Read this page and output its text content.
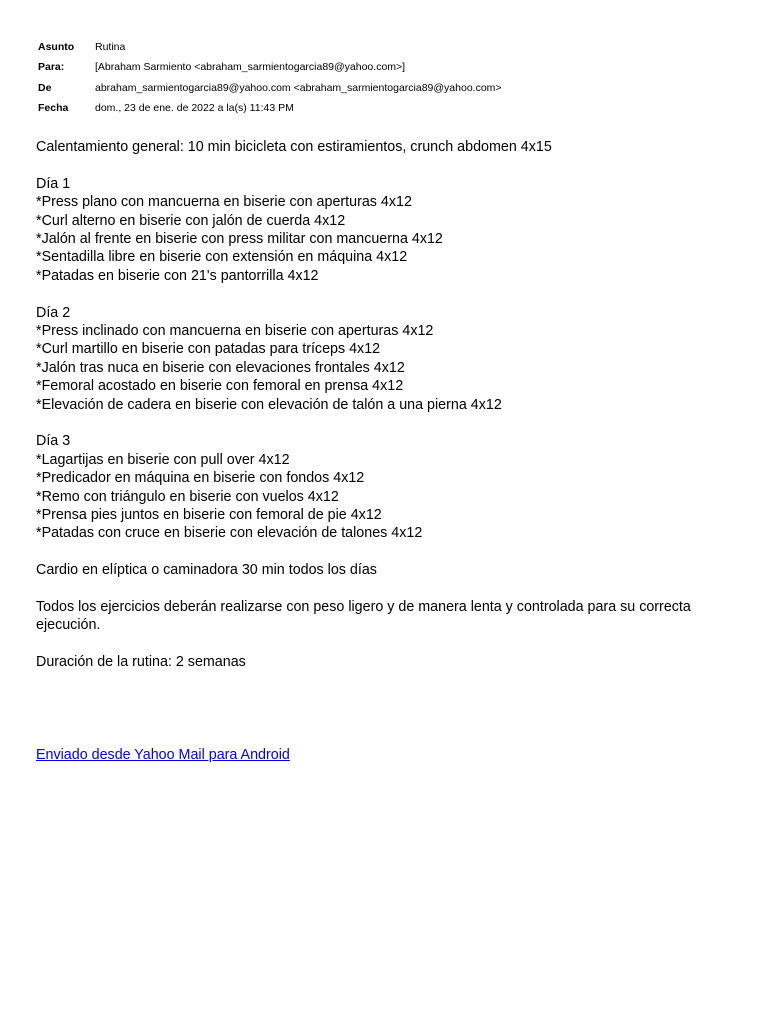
Asunto	Rutina
Para:	[Abraham Sarmiento <abraham_sarmientogarcia89@yahoo.com>]
De	abraham_sarmientogarcia89@yahoo.com <abraham_sarmientogarcia89@yahoo.com>
Fecha	dom., 23 de ene. de 2022 a la(s) 11:43 PM

Calentamiento general: 10 min bicicleta con estiramientos, crunch abdomen 4x15

Día 1

*Press plano con mancuerna en biserie con aperturas 4x12

*Curl alterno en biserie con jalón de cuerda 4x12

*Jalón al frente en biserie con press militar con mancuerna 4x12

*Sentadilla libre en biserie con extensión en máquina 4x12

*Patadas en biserie con 21's pantorrilla 4x12

Día 2

*Press inclinado con mancuerna en biserie con aperturas 4x12

*Curl martillo en biserie con patadas para tríceps 4x12

*Jalón tras nuca en biserie con elevaciones frontales 4x12

*Femoral acostado en biserie con femoral en prensa 4x12

*Elevación de cadera en biserie con elevación de talón a una pierna 4x12

Día 3

*Lagartijas en biserie con pull over 4x12

*Predicador en máquina en biserie con fondos 4x12

*Remo con triángulo en biserie con vuelos 4x12

*Prensa pies juntos en biserie con femoral de pie 4x12

*Patadas con cruce en biserie con elevación de talones 4x12

Cardio en elíptica o caminadora 30 min todos los días

Todos los ejercicios deberán realizarse con peso ligero y de manera lenta y controlada para su correcta ejecución.

Duración de la rutina: 2 semanas

Enviado desde Yahoo Mail para Android
